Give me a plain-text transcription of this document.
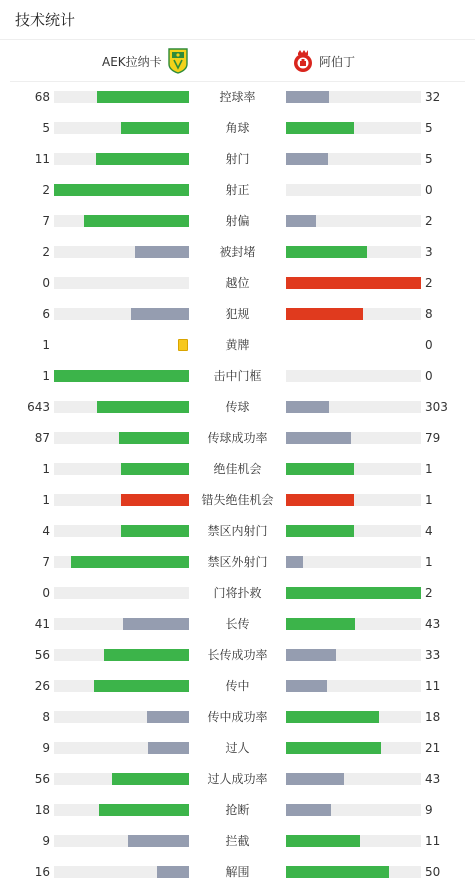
技术统计
AEK拉纳卡	阿伯丁
68	控球率	32
5	角球	5
11	射门	5
2	射正	0
7	射偏	2
2	被封堵	3
0	越位	2
6	犯规	8
1	黄牌	0
1	击中门框	0
643	传球	303
87	传球成功率	79
1	绝佳机会	1
1	错失绝佳机会	1
4	禁区内射门	4
7	禁区外射门	1
0	门将扑救	2
41	长传	43
56	长传成功率	33
26	传中	11
8	传中成功率	18
9	过人	21
56	过人成功率	43
18	抢断	9
9	拦截	11
16	解围	50
